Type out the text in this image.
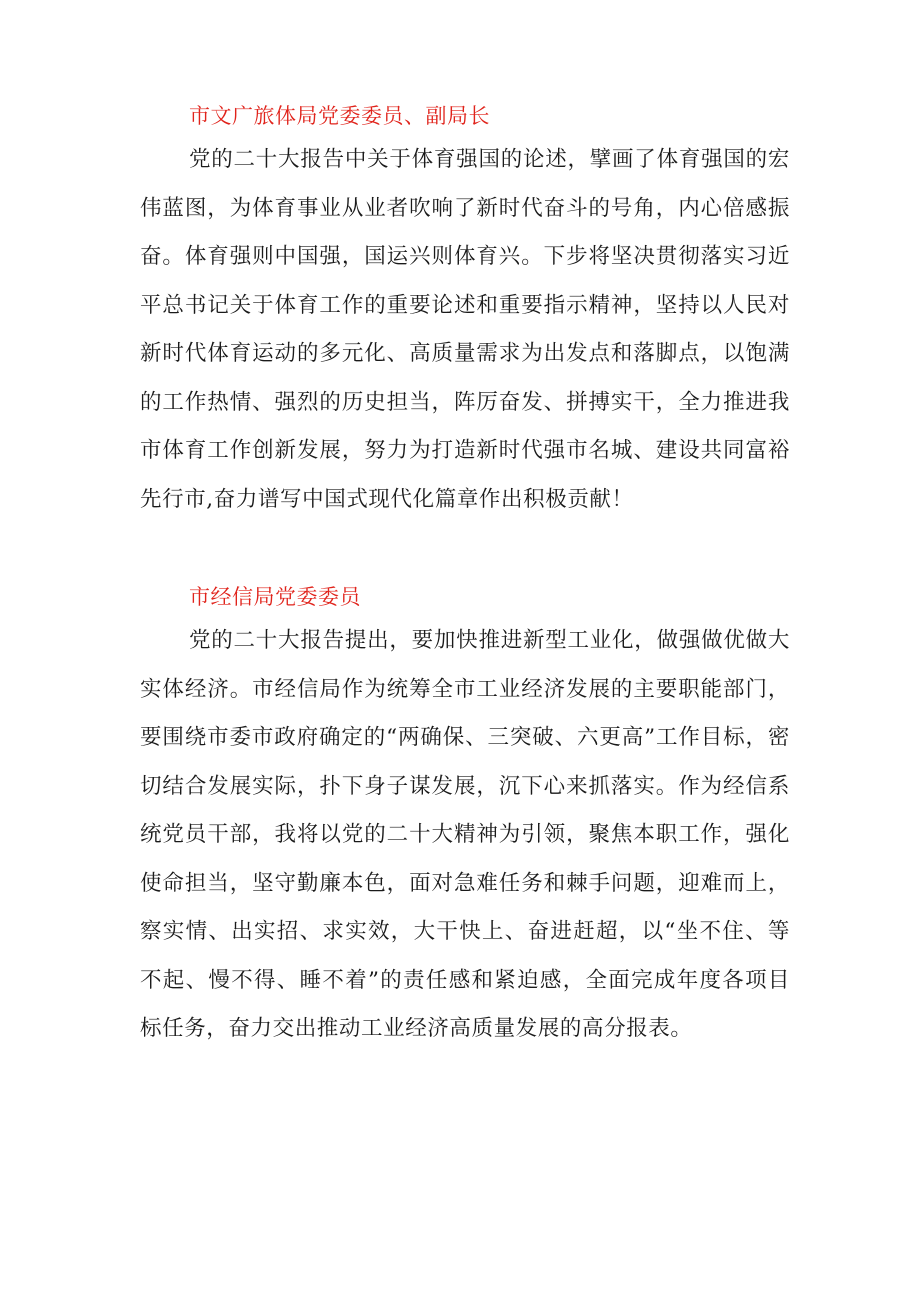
市文广旅体局党委委员、副局长

党的二十大报告中关于体育强国的论述，擘画了体育强国的宏伟蓝图，为体育事业从业者吹响了新时代奋斗的号角，内心倍感振奋。体育强则中国强，国运兴则体育兴。下步将坚决贯彻落实习近平总书记关于体育工作的重要论述和重要指示精神，坚持以人民对新时代体育运动的多元化、高质量需求为出发点和落脚点，以饱满的工作热情、强烈的历史担当，阵厉奋发、拼搏实干，全力推进我市体育工作创新发展，努力为打造新时代强市名城、建设共同富裕先行市,奋力谱写中国式现代化篇章作出积极贡献！

市经信局党委委员

党的二十大报告提出，要加快推进新型工业化，做强做优做大实体经济。市经信局作为统筹全市工业经济发展的主要职能部门，要围绕市委市政府确定的“两确保、三突破、六更高”工作目标，密切结合发展实际，扑下身子谋发展，沉下心来抓落实。作为经信系统党员干部，我将以党的二十大精神为引领，聚焦本职工作，强化使命担当，坚守勤廉本色，面对急难任务和棘手问题，迎难而上，察实情、出实招、求实效，大干快上、奋进赶超，以“坐不住、等不起、慢不得、睡不着”的责任感和紧迫感，全面完成年度各项目标任务，奋力交出推动工业经济高质量发展的高分报表。
